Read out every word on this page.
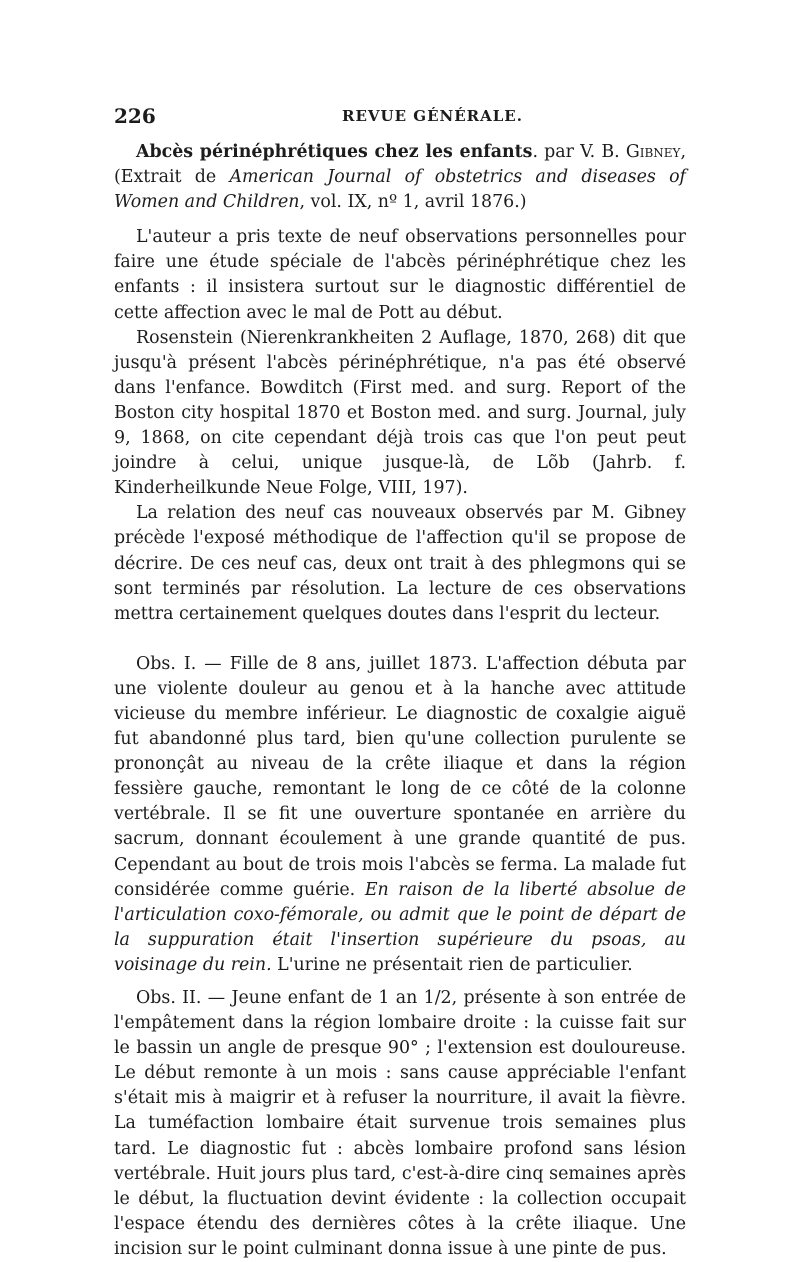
226	REVUE GÉNÉRALE.

Abcès périnéphrétiques chez les enfants. par V. B. Gibney, (Extrait de American Journal of obstetrics and diseases of Women and Children, vol. IX, nº 1, avril 1876.)

L'auteur a pris texte de neuf observations personnelles pour faire une étude spéciale de l'abcès périnéphrétique chez les enfants : il insistera surtout sur le diagnostic différentiel de cette affection avec le mal de Pott au début.

Rosenstein (Nierenkrankheiten 2 Auflage, 1870, 268) dit que jusqu'à présent l'abcès périnéphrétique, n'a pas été observé dans l'enfance. Bowditch (First med. and surg. Report of the Boston city hospital 1870 et Boston med. and surg. Journal, july 9, 1868, on cite cependant déjà trois cas que l'on peut peut joindre à celui, unique jusque-là, de Lõb (Jahrb. f. Kinderheilkunde Neue Folge, VIII, 197).

La relation des neuf cas nouveaux observés par M. Gibney précède l'exposé méthodique de l'affection qu'il se propose de décrire. De ces neuf cas, deux ont trait à des phlegmons qui se sont terminés par résolution. La lecture de ces observations mettra certainement quelques doutes dans l'esprit du lecteur.

Obs. I. — Fille de 8 ans, juillet 1873. L'affection débuta par une violente douleur au genou et à la hanche avec attitude vicieuse du membre inférieur. Le diagnostic de coxalgie aiguë fut abandonné plus tard, bien qu'une collection purulente se prononçât au niveau de la crête iliaque et dans la région fessière gauche, remontant le long de ce côté de la colonne vertébrale. Il se fit une ouverture spontanée en arrière du sacrum, donnant écoulement à une grande quantité de pus. Cependant au bout de trois mois l'abcès se ferma. La malade fut considérée comme guérie. En raison de la liberté absolue de l'articulation coxo-fémorale, ou admit que le point de départ de la suppuration était l'insertion supérieure du psoas, au voisinage du rein. L'urine ne présentait rien de particulier.

Obs. II. — Jeune enfant de 1 an 1/2, présente à son entrée de l'empâtement dans la région lombaire droite : la cuisse fait sur le bassin un angle de presque 90° ; l'extension est douloureuse. Le début remonte à un mois : sans cause appréciable l'enfant s'était mis à maigrir et à refuser la nourriture, il avait la fièvre. La tuméfaction lombaire était survenue trois semaines plus tard. Le diagnostic fut : abcès lombaire profond sans lésion vertébrale. Huit jours plus tard, c'est-à-dire cinq semaines après le début, la fluctuation devint évidente : la collection occupait l'espace étendu des dernières côtes à la crête iliaque. Une incision sur le point culminant donna issue à une pinte de pus.
